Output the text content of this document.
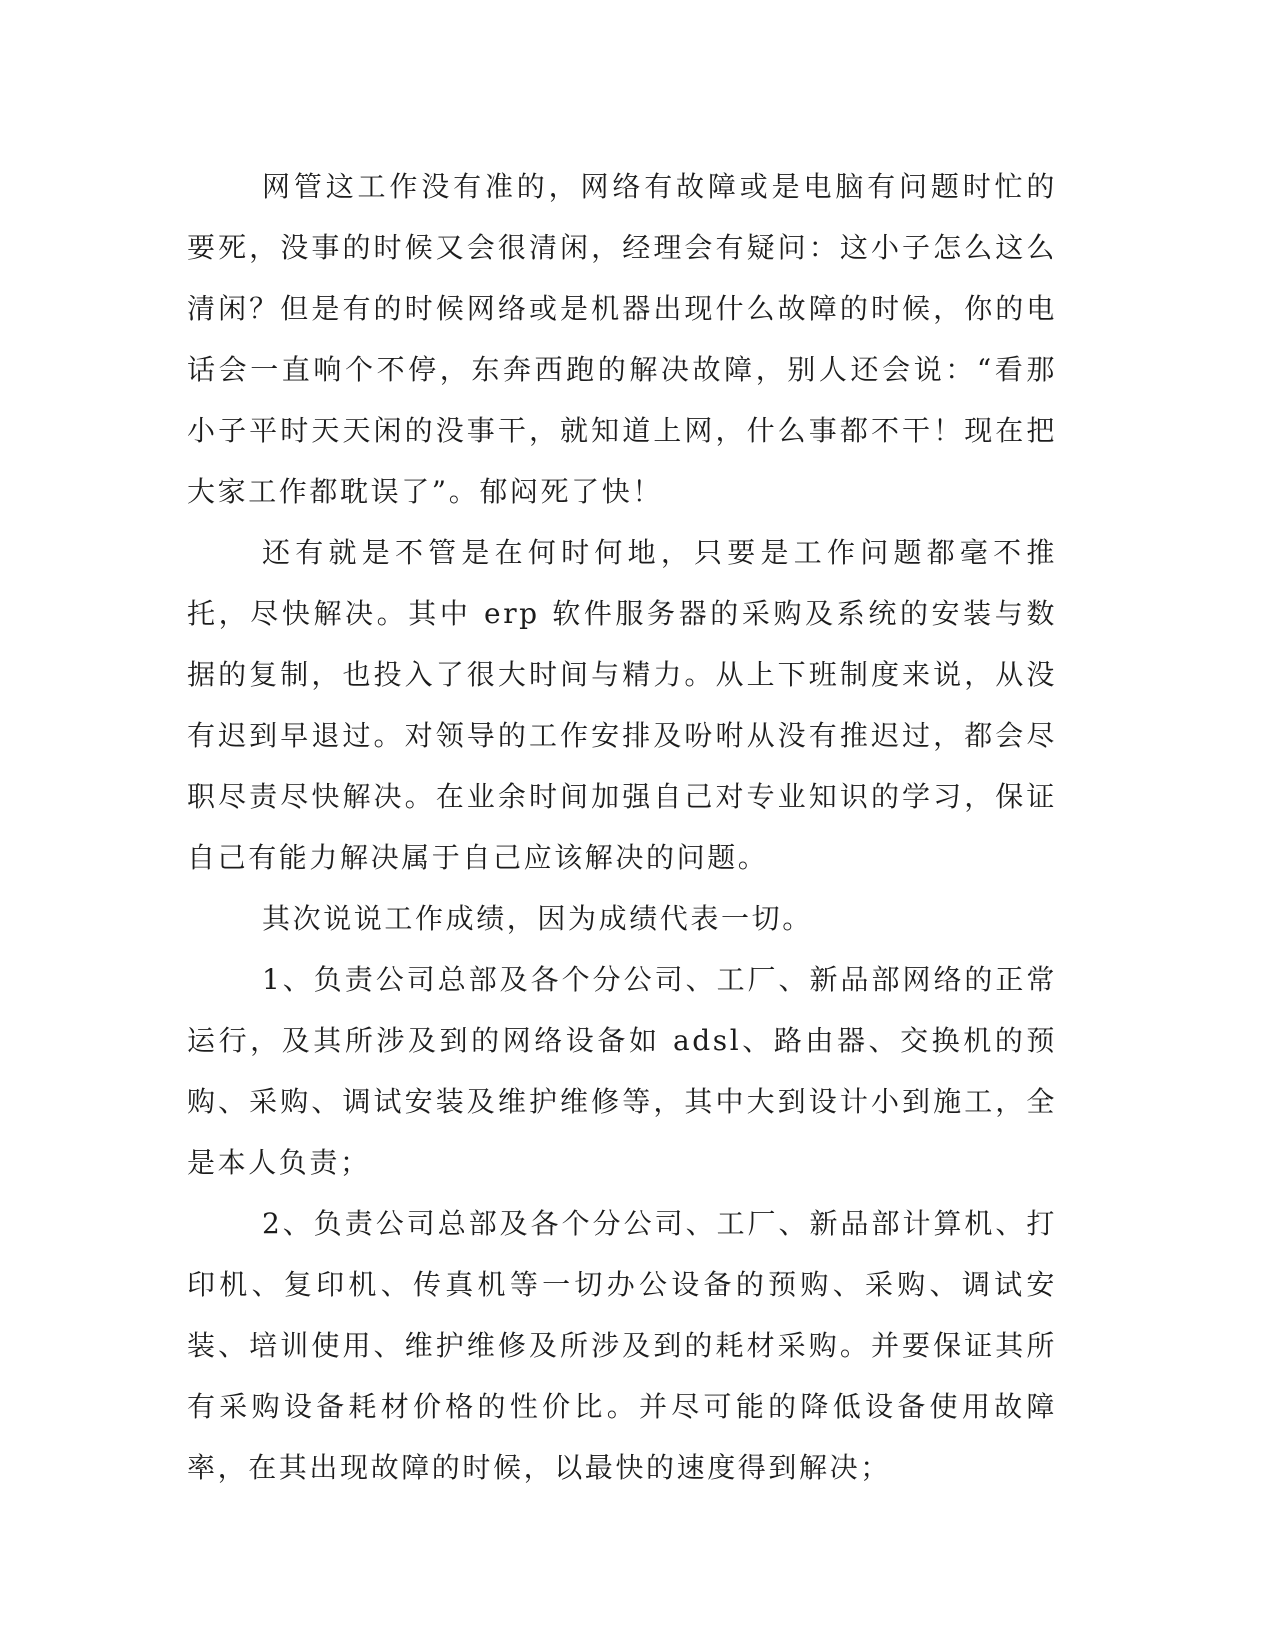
网管这工作没有准的，网络有故障或是电脑有问题时忙的要死，没事的时候又会很清闲，经理会有疑问：这小子怎么这么清闲？但是有的时候网络或是机器出现什么故障的时候，你的电话会一直响个不停，东奔西跑的解决故障，别人还会说：“看那小子平时天天闲的没事干，就知道上网，什么事都不干！现在把大家工作都耽误了”。郁闷死了快！

还有就是不管是在何时何地，只要是工作问题都毫不推托，尽快解决。其中 erp 软件服务器的采购及系统的安装与数据的复制，也投入了很大时间与精力。从上下班制度来说，从没有迟到早退过。对领导的工作安排及吩咐从没有推迟过，都会尽职尽责尽快解决。在业余时间加强自己对专业知识的学习，保证自己有能力解决属于自己应该解决的问题。

其次说说工作成绩，因为成绩代表一切。

1、负责公司总部及各个分公司、工厂、新品部网络的正常运行，及其所涉及到的网络设备如 adsl、路由器、交换机的预购、采购、调试安装及维护维修等，其中大到设计小到施工，全是本人负责；

2、负责公司总部及各个分公司、工厂、新品部计算机、打印机、复印机、传真机等一切办公设备的预购、采购、调试安装、培训使用、维护维修及所涉及到的耗材采购。并要保证其所有采购设备耗材价格的性价比。并尽可能的降低设备使用故障率，在其出现故障的时候，以最快的速度得到解决；
